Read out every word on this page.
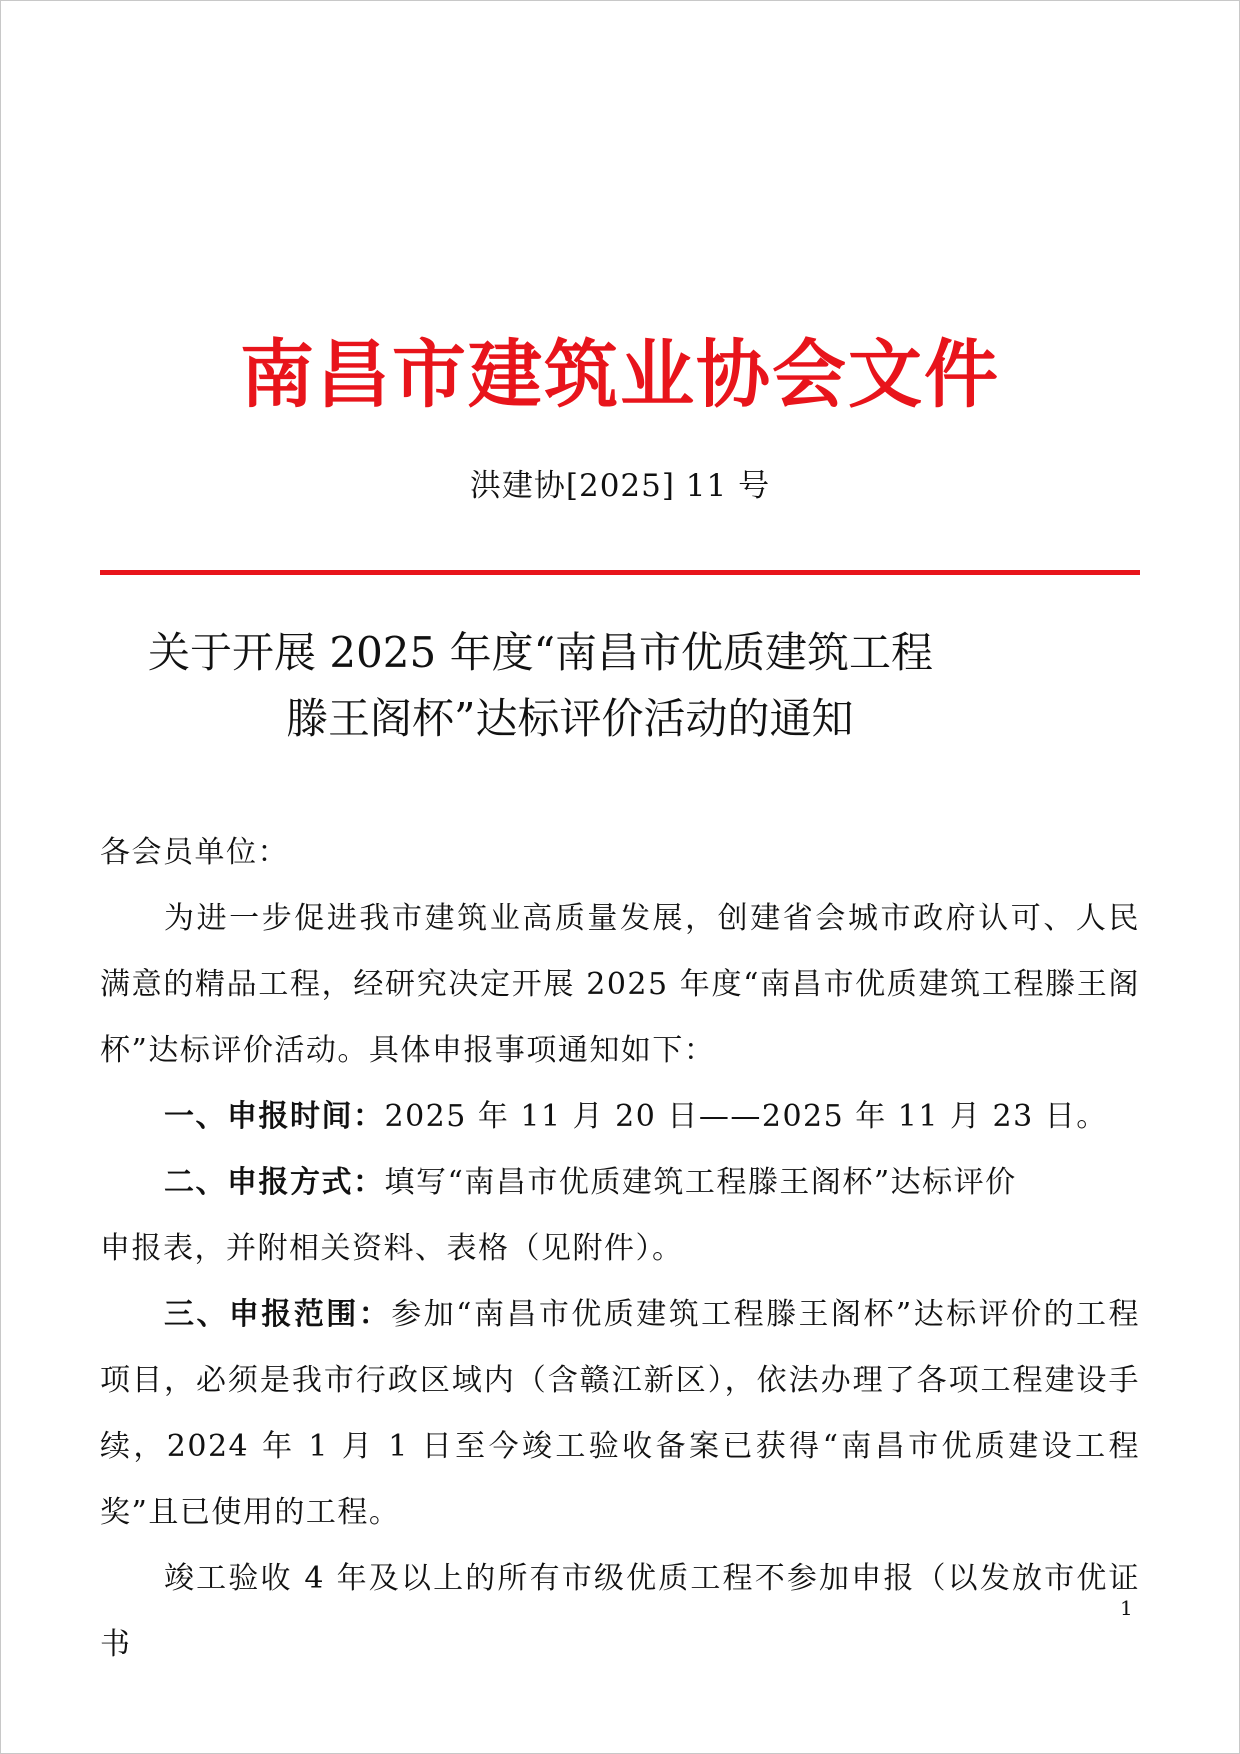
南昌市建筑业协会文件
洪建协[2025] 11 号
关于开展 2025 年度“南昌市优质建筑工程
滕王阁杯”达标评价活动的通知

各会员单位：

为进一步促进我市建筑业高质量发展，创建省会城市政府认可、人民满意的精品工程，经研究决定开展 2025 年度“南昌市优质建筑工程滕王阁杯”达标评价活动。具体申报事项通知如下：

一、申报时间：2025 年 11 月 20 日——2025 年 11 月 23 日。

二、申报方式：填写“南昌市优质建筑工程滕王阁杯”达标评价

申报表，并附相关资料、表格（见附件）。

三、申报范围：参加“南昌市优质建筑工程滕王阁杯”达标评价的工程项目，必须是我市行政区域内（含赣江新区），依法办理了各项工程建设手续，2024 年 1 月 1 日至今竣工验收备案已获得“南昌市优质建设工程奖”且已使用的工程。

竣工验收 4 年及以上的所有市级优质工程不参加申报（以发放市优证书

1
